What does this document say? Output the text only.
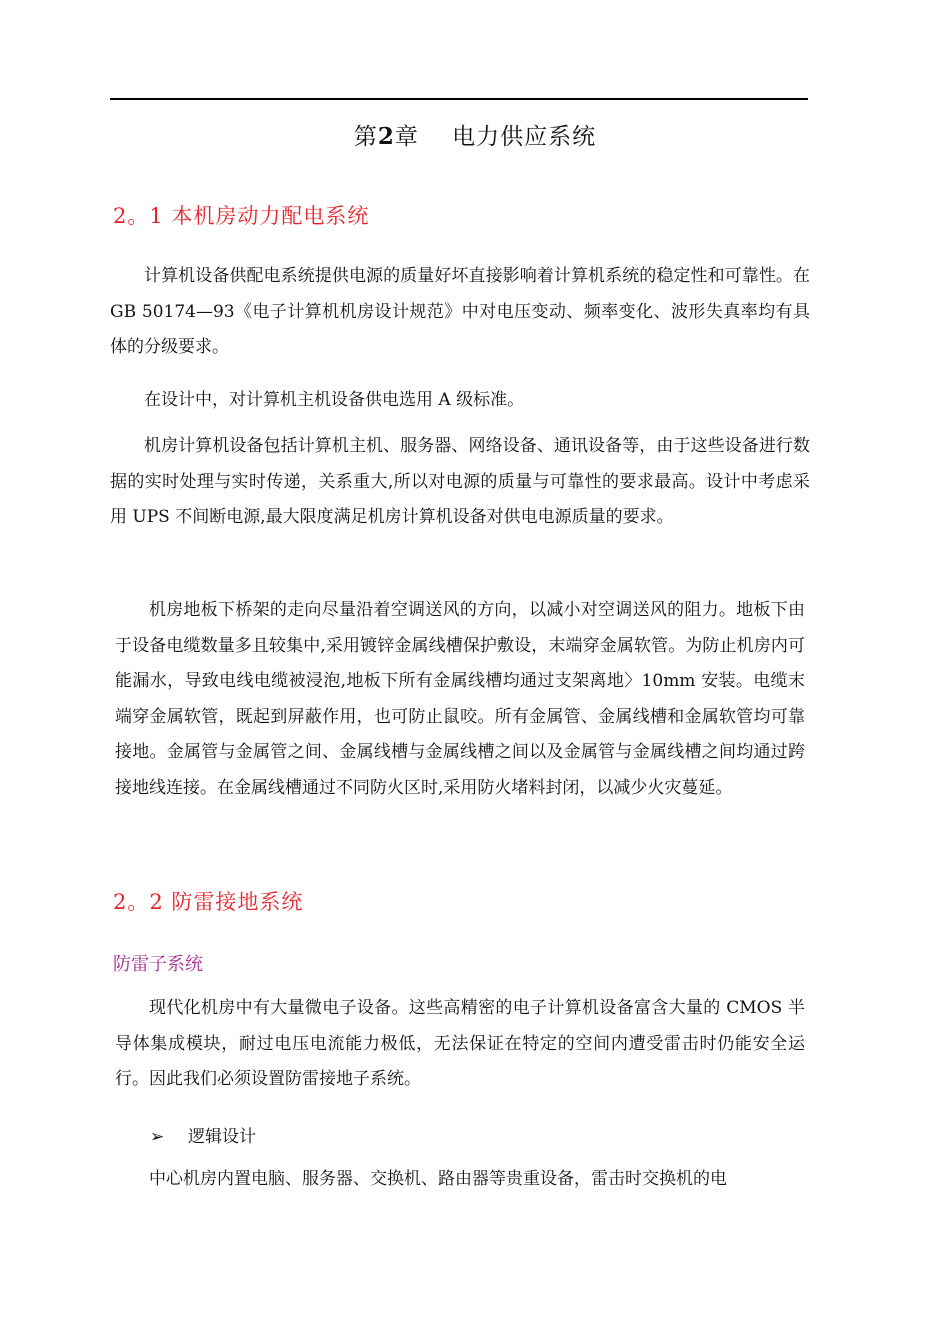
第2章 电力供应系统
2。1 本机房动力配电系统

计算机设备供配电系统提供电源的质量好坏直接影响着计算机系统的稳定性和可靠性。在 GB 50174—93《电子计算机机房设计规范》中对电压变动、频率变化、波形失真率均有具体的分级要求。

在设计中，对计算机主机设备供电选用 A 级标准。

机房计算机设备包括计算机主机、服务器、网络设备、通讯设备等，由于这些设备进行数据的实时处理与实时传递，关系重大,所以对电源的质量与可靠性的要求最高。设计中考虑采用 UPS 不间断电源,最大限度满足机房计算机设备对供电电源质量的要求。

机房地板下桥架的走向尽量沿着空调送风的方向，以减小对空调送风的阻力。地板下由于设备电缆数量多且较集中,采用镀锌金属线槽保护敷设，末端穿金属软管。为防止机房内可能漏水，导致电线电缆被浸泡,地板下所有金属线槽均通过支架离地〉10mm 安装。电缆末端穿金属软管，既起到屏蔽作用，也可防止鼠咬。所有金属管、金属线槽和金属软管均可靠接地。金属管与金属管之间、金属线槽与金属线槽之间以及金属管与金属线槽之间均通过跨接地线连接。在金属线槽通过不同防火区时,采用防火堵料封闭，以减少火灾蔓延。

2。2 防雷接地系统
防雷子系统

现代化机房中有大量微电子设备。这些高精密的电子计算机设备富含大量的 CMOS 半导体集成模块，耐过电压电流能力极低，无法保证在特定的空间内遭受雷击时仍能安全运行。因此我们必须设置防雷接地子系统。

➢ 逻辑设计

中心机房内置电脑、服务器、交换机、路由器等贵重设备，雷击时交换机的电
